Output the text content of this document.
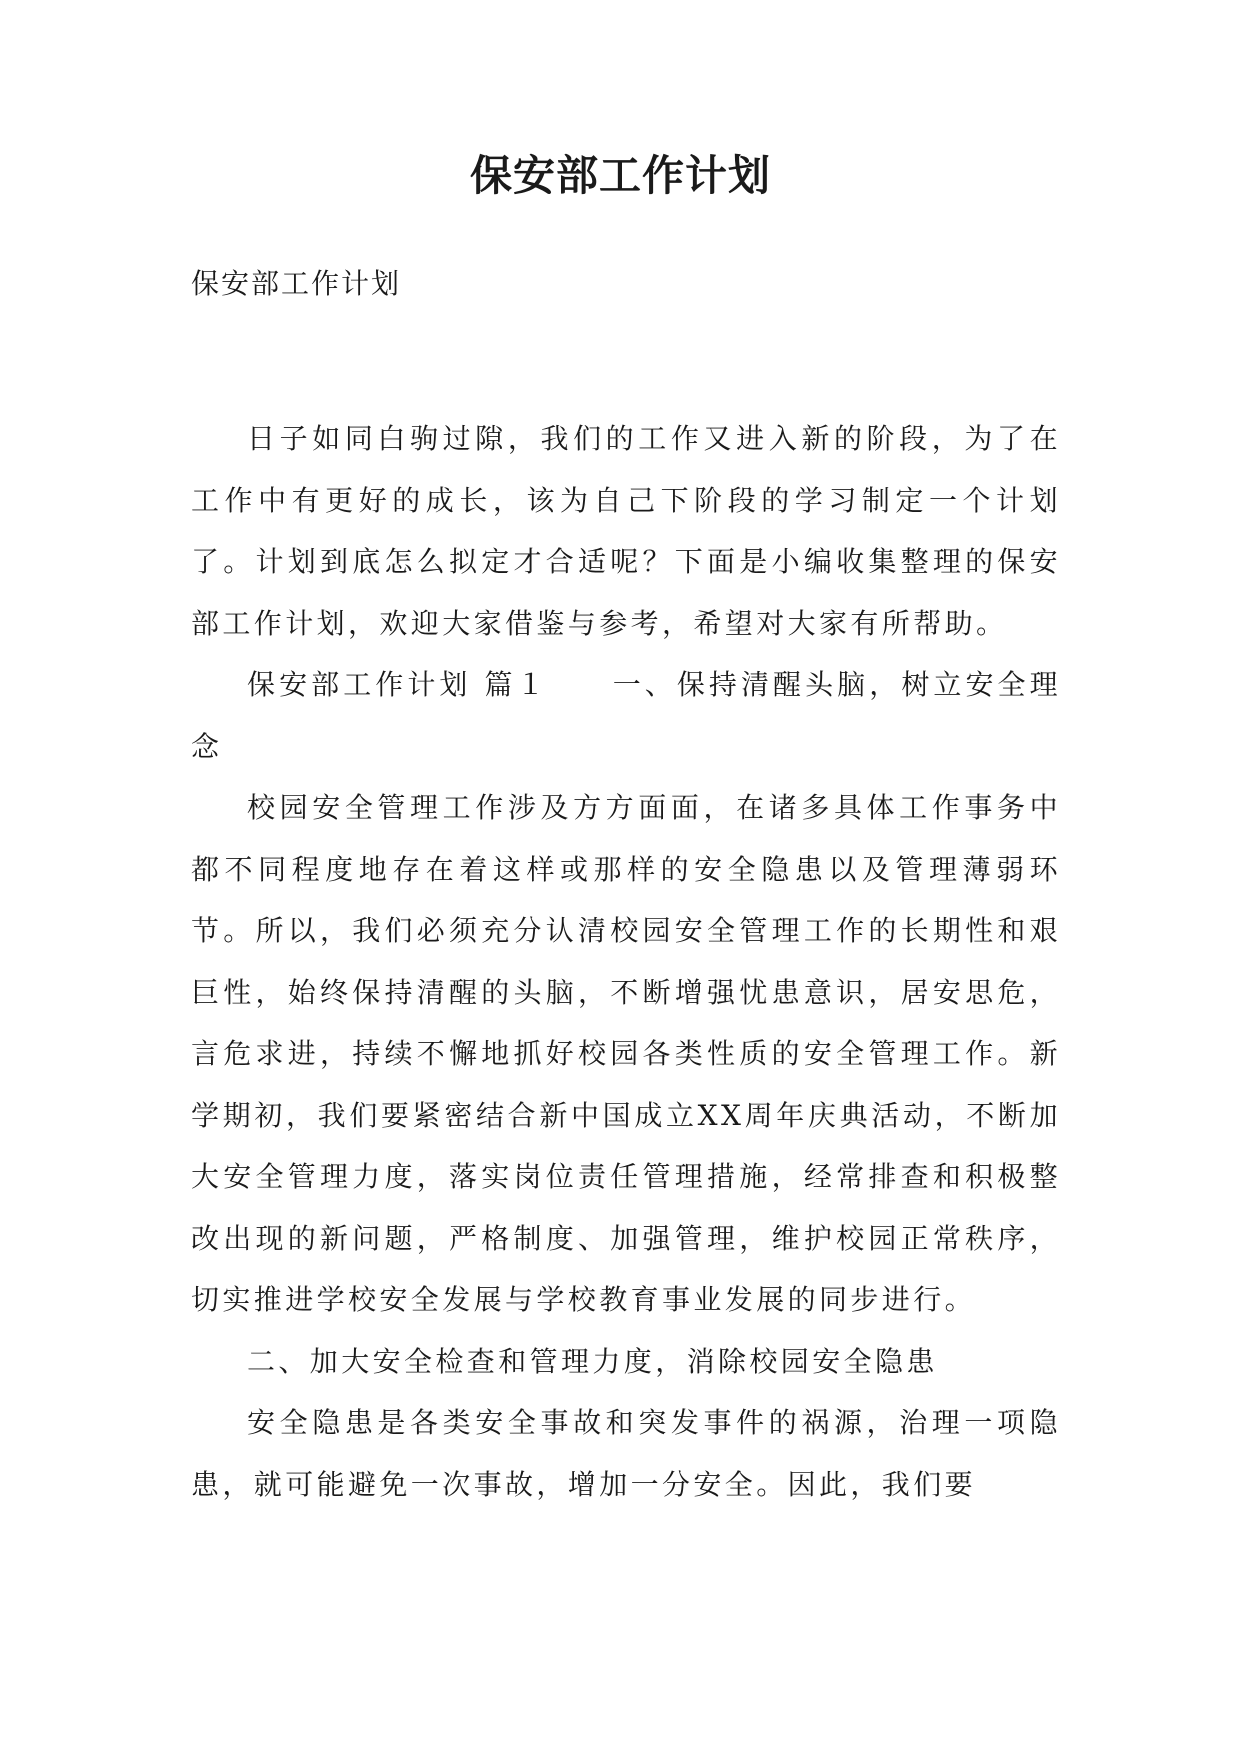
保安部工作计划
保安部工作计划

日子如同白驹过隙，我们的工作又进入新的阶段，为了在工作中有更好的成长，该为自己下阶段的学习制定一个计划了。计划到底怎么拟定才合适呢？下面是小编收集整理的保安部工作计划，欢迎大家借鉴与参考，希望对大家有所帮助。

保安部工作计划 篇１　　一、保持清醒头脑，树立安全理念

校园安全管理工作涉及方方面面，在诸多具体工作事务中都不同程度地存在着这样或那样的安全隐患以及管理薄弱环节。所以，我们必须充分认清校园安全管理工作的长期性和艰巨性，始终保持清醒的头脑，不断增强忧患意识，居安思危，言危求进，持续不懈地抓好校园各类性质的安全管理工作。新学期初，我们要紧密结合新中国成立XX周年庆典活动，不断加大安全管理力度，落实岗位责任管理措施，经常排查和积极整改出现的新问题，严格制度、加强管理，维护校园正常秩序，切实推进学校安全发展与学校教育事业发展的同步进行。

二、加大安全检查和管理力度，消除校园安全隐患

安全隐患是各类安全事故和突发事件的祸源，治理一项隐患，就可能避免一次事故，增加一分安全。因此，我们要
